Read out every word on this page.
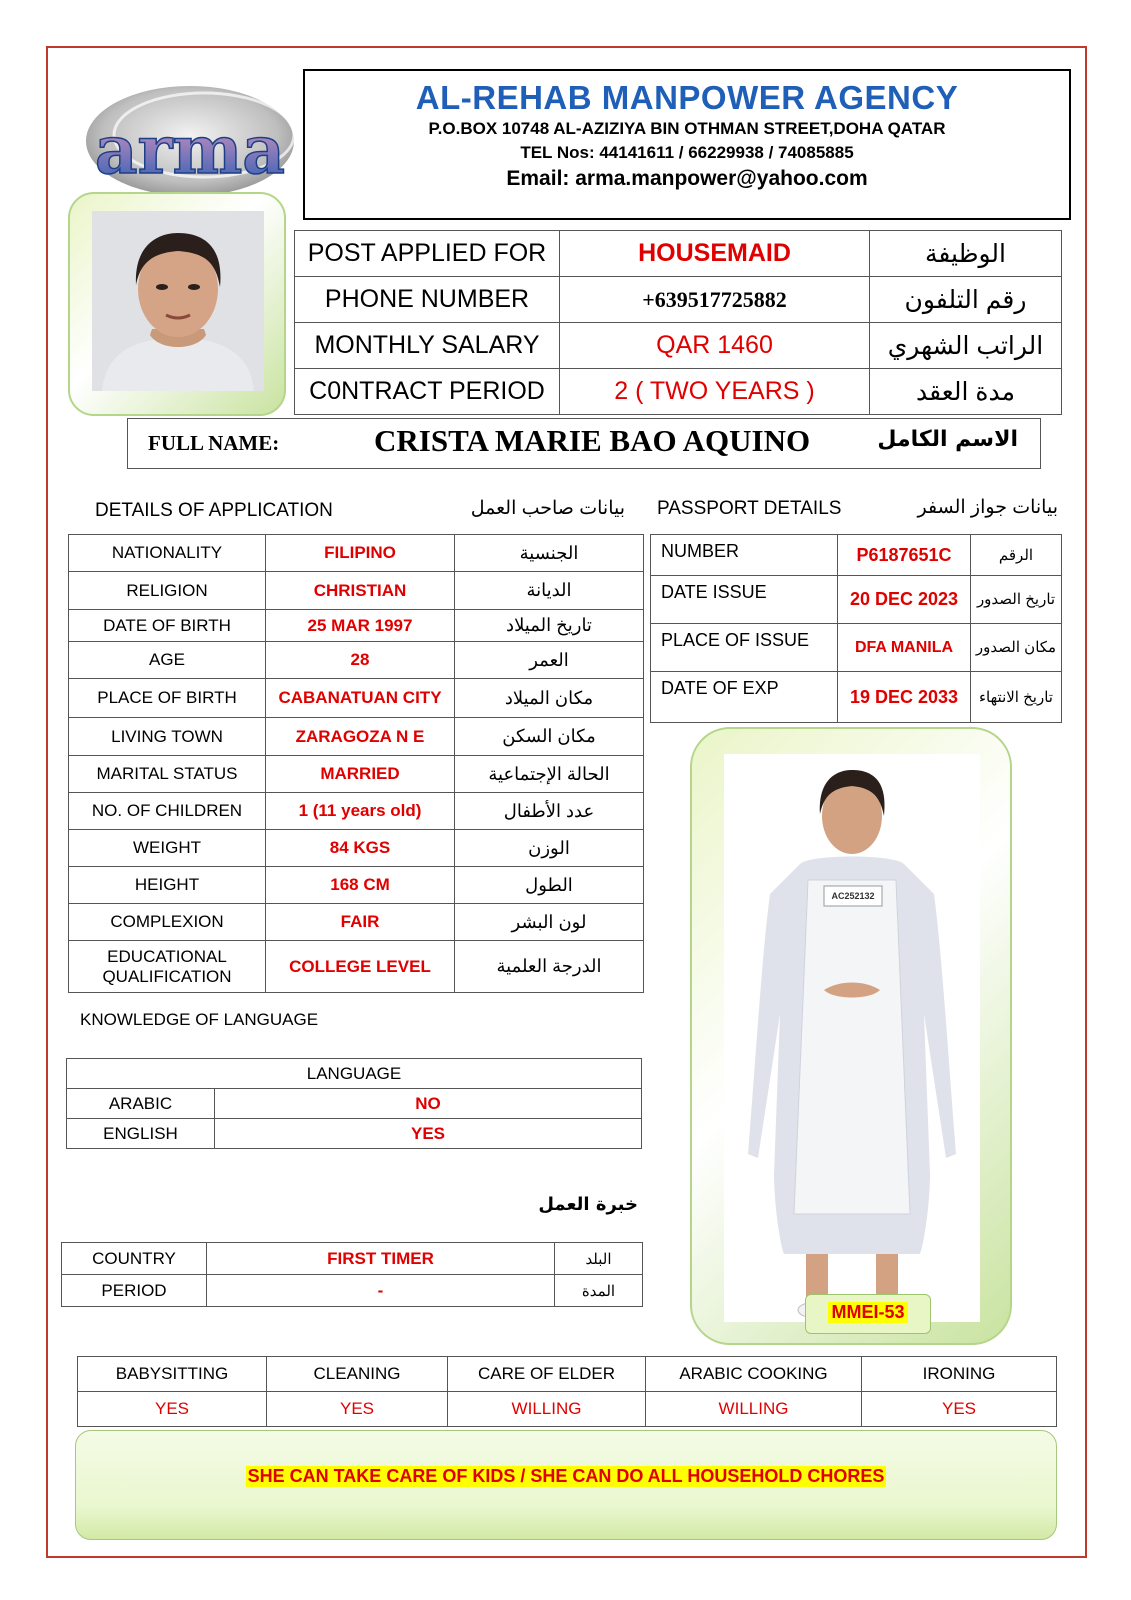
arma
AL-REHAB MANPOWER AGENCY
P.O.BOX 10748 AL-AZIZIYA BIN OTHMAN STREET,DOHA QATAR
TEL Nos: 44141611 / 66229938 / 74085885
Email: arma.manpower@yahoo.com
POST APPLIED FOR	HOUSEMAID	الوظيفة
PHONE NUMBER	+639517725882	رقم التلفون
MONTHLY SALARY	QAR 1460	الراتب الشهري
C0NTRACT PERIOD	2 ( TWO YEARS )	مدة العقد
FULL NAME:	CRISTA MARIE BAO AQUINO	الاسم الكامل
DETAILS OF APPLICATION	بيانات صاحب العمل PASSPORT DETAILS	بيانات جواز السفر
NATIONALITY	FILIPINO	الجنسية
RELIGION	CHRISTIAN	الديانة
DATE OF BIRTH	25 MAR 1997	تاريخ الميلاد
AGE	28	العمر
PLACE OF BIRTH	CABANATUAN CITY	مكان الميلاد
LIVING TOWN	ZARAGOZA N E	مكان السكن
MARITAL STATUS	MARRIED	الحالة الإجتماعية
NO. OF CHILDREN	1 (11 years old)	عدد الأطفال
WEIGHT	84 KGS	الوزن
HEIGHT	168 CM	الطول
COMPLEXION	FAIR	لون البشر
EDUCATIONAL QUALIFICATION	COLLEGE LEVEL	الدرجة العلمية
NUMBER	P6187651C	الرقم
DATE ISSUE	20 DEC 2023	تاريخ الصدور
PLACE OF ISSUE	DFA MANILA	مكان الصدور
DATE OF EXP	19 DEC 2033	تاريخ الانتهاء
AC252132
MMEI-53
KNOWLEDGE OF LANGUAGE
LANGUAGE	
ARABIC	NO
ENGLISH	YES
خبرة العمل
COUNTRY	FIRST TIMER	البلد
PERIOD	-	المدة
BABYSITTING	CLEANING	CARE OF ELDER	ARABIC COOKING	IRONING
YES	YES	WILLING	WILLING	YES
SHE CAN TAKE CARE OF KIDS / SHE CAN DO ALL HOUSEHOLD CHORES
